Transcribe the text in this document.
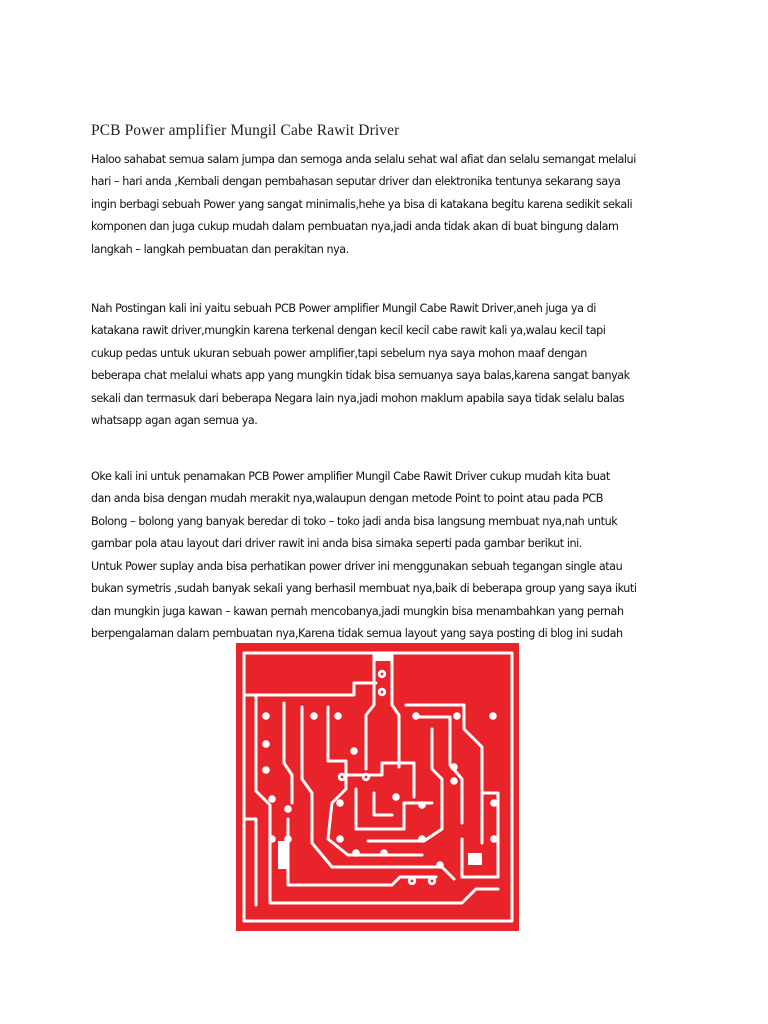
PCB Power amplifier Mungil Cabe Rawit Driver
Haloo sahabat semua salam jumpa dan semoga anda selalu sehat wal afiat dan selalu semangat melalui
hari – hari anda ,Kembali dengan pembahasan seputar driver dan elektronika tentunya sekarang saya
ingin berbagi sebuah Power yang sangat minimalis,hehe ya bisa di katakana begitu karena sedikit sekali
komponen dan juga cukup mudah dalam pembuatan nya,jadi anda tidak akan di buat bingung dalam
langkah – langkah pembuatan dan perakitan nya.
Nah Postingan kali ini yaitu sebuah PCB Power amplifier Mungil Cabe Rawit Driver,aneh juga ya di
katakana rawit driver,mungkin karena terkenal dengan kecil kecil cabe rawit kali ya,walau kecil tapi
cukup pedas untuk ukuran sebuah power amplifier,tapi sebelum nya saya mohon maaf dengan
beberapa chat melalui whats app yang mungkin tidak bisa semuanya saya balas,karena sangat banyak
sekali dan termasuk dari beberapa Negara lain nya,jadi mohon maklum apabila saya tidak selalu balas
whatsapp agan agan semua ya.
Oke kali ini untuk penamakan PCB Power amplifier Mungil Cabe Rawit Driver cukup mudah kita buat
dan anda bisa dengan mudah merakit nya,walaupun dengan metode Point to point atau pada PCB
Bolong – bolong yang banyak beredar di toko – toko jadi anda bisa langsung membuat nya,nah untuk
gambar pola atau layout dari driver rawit ini anda bisa simaka seperti pada gambar berikut ini.
Untuk Power suplay anda bisa perhatikan power driver ini menggunakan sebuah tegangan single atau
bukan symetris ,sudah banyak sekali yang berhasil membuat nya,baik di beberapa group yang saya ikuti
dan mungkin juga kawan – kawan pernah mencobanya,jadi mungkin bisa menambahkan yang pernah
berpengalaman dalam pembuatan nya,Karena tidak semua layout yang saya posting di blog ini sudah
